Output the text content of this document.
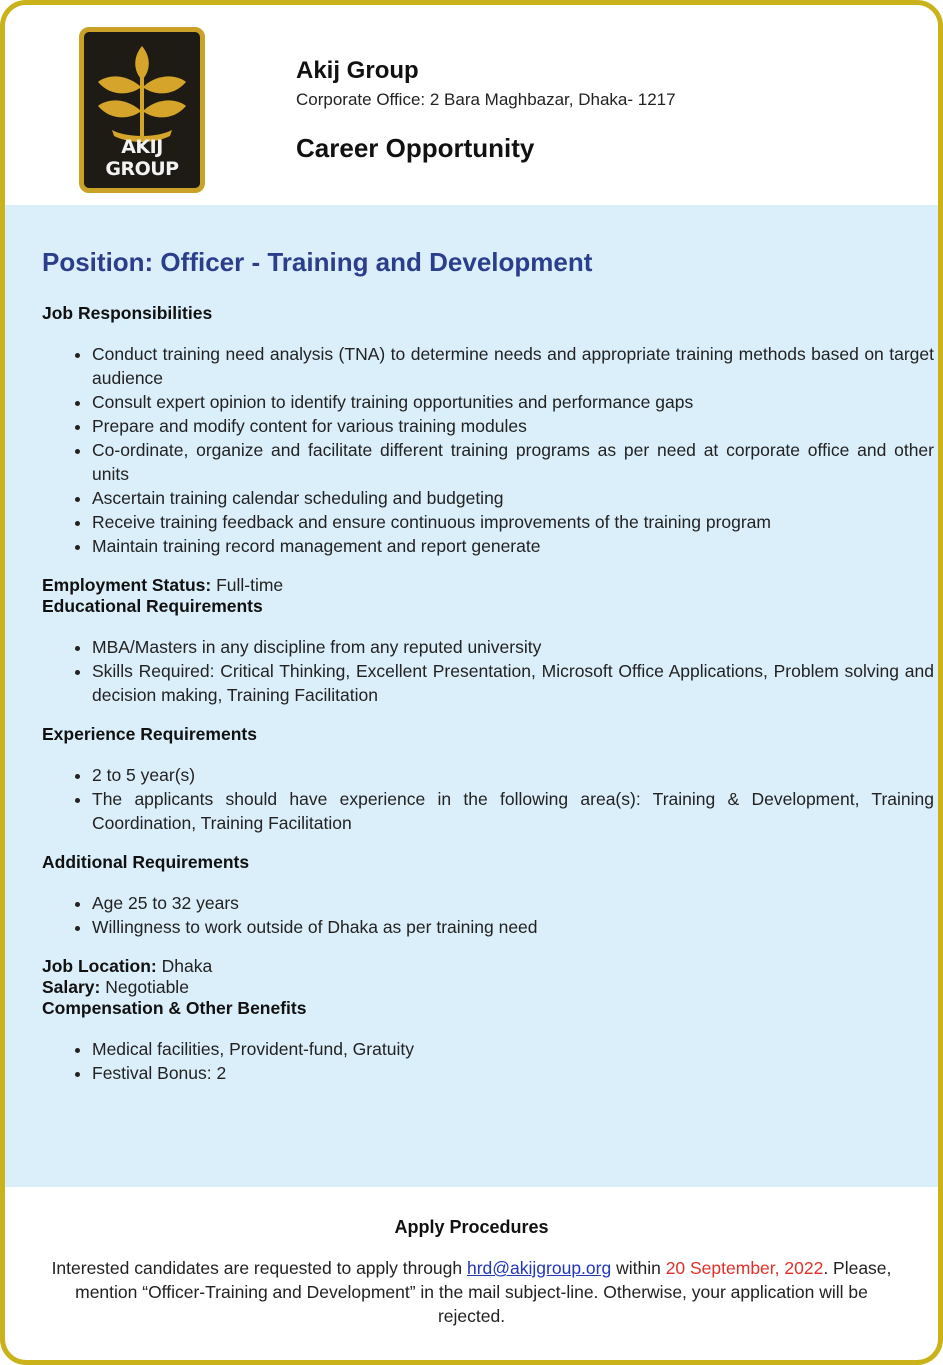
AKIJ GROUP
Akij Group
Corporate Office: 2 Bara Maghbazar, Dhaka- 1217
Career Opportunity
Position: Officer - Training and Development
Job Responsibilities
• Conduct training need analysis (TNA) to determine needs and appropriate training methods based on target audience
• Consult expert opinion to identify training opportunities and performance gaps
• Prepare and modify content for various training modules
• Co-ordinate, organize and facilitate different training programs as per need at corporate office and other units
• Ascertain training calendar scheduling and budgeting
• Receive training feedback and ensure continuous improvements of the training program
• Maintain training record management and report generate

Employment Status: Full-time

Educational Requirements
• MBA/Masters in any discipline from any reputed university
• Skills Required: Critical Thinking, Excellent Presentation, Microsoft Office Applications, Problem solving and decision making, Training Facilitation
Experience Requirements
• 2 to 5 year(s)
• The applicants should have experience in the following area(s): Training & Development, Training Coordination, Training Facilitation
Additional Requirements
• Age 25 to 32 years
• Willingness to work outside of Dhaka as per training need

Job Location: Dhaka

Salary: Negotiable

Compensation & Other Benefits
• Medical facilities, Provident-fund, Gratuity
• Festival Bonus: 2
Apply Procedures
Interested candidates are requested to apply through hrd@akijgroup.org within 20 September, 2022. Please, mention “Officer-Training and Development” in the mail subject-line. Otherwise, your application will be rejected.
